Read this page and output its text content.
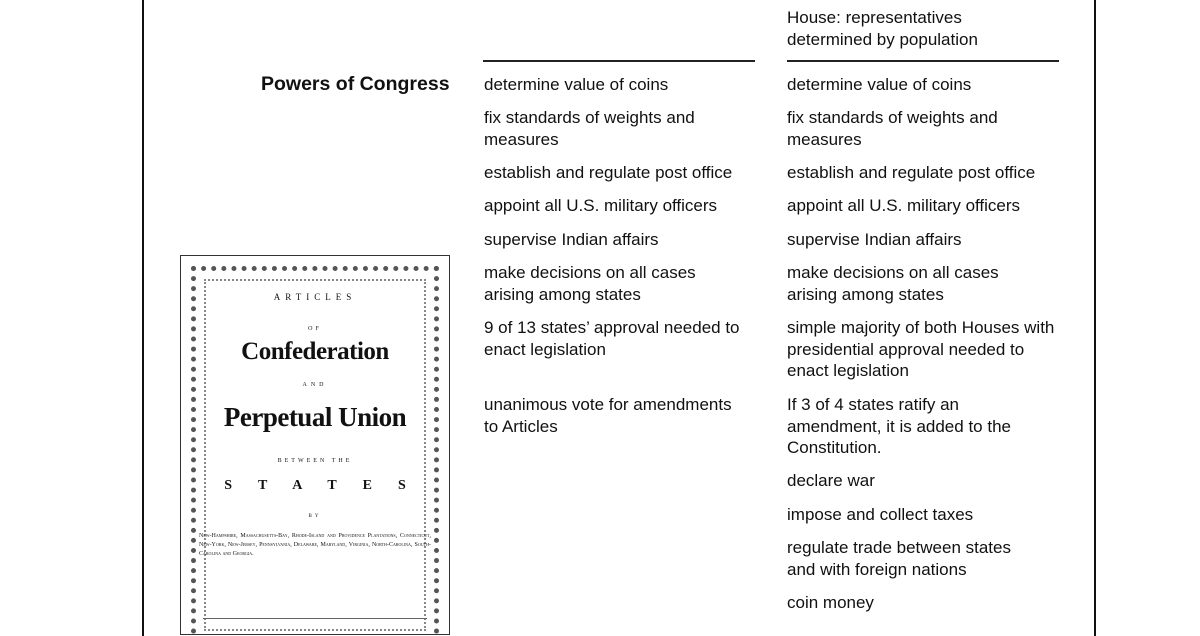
House: representatives
determined by population
Powers of Congress determine value of coins
fix standards of weights and measures
establish and regulate post office
appoint all U.S. military officers
supervise Indian affairs
make decisions on all cases arising among states
9 of 13 states’ approval needed to enact legislation
unanimous vote for amendments to Articles
determine value of coins
fix standards of weights and measures
establish and regulate post office
appoint all U.S. military officers
supervise Indian affairs
make decisions on all cases arising among states
simple majority of both Houses with presidential approval needed to enact legislation
If 3 of 4 states ratify an amendment, it is added to the Constitution.
declare war
impose and collect taxes
regulate trade between states and with foreign nations
coin money
ARTICLES
OF
Confederation
AND
Perpetual Union
BETWEEN THE
STATES
BY
New-Hampshire, Massachusetts-Bay, Rhode-Island and Providence Plantations, Connecticut, New-York, New-Jersey, Pennsylvania, Delaware, Maryland, Virginia, North-Carolina, South-Carolina and Georgia.
